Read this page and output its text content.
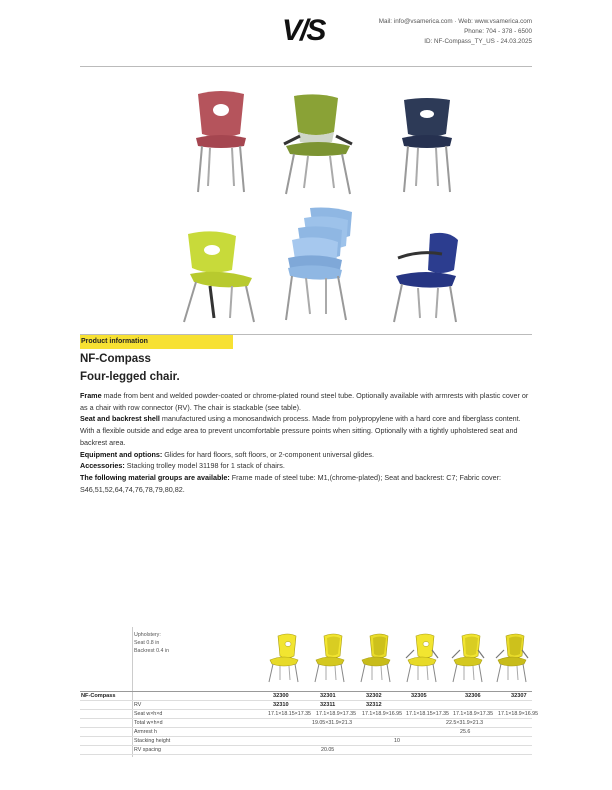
V/S	Mail: info@vsamerica.com · Web: www.vsamerica.com
Phone: 704 - 378 - 6500
ID: NF-Compass_TY_US - 24.03.2025
Product information
NF-Compass
Four-legged chair.

Frame made from bent and welded powder-coated or chrome-plated round steel tube. Optionally available with armrests with plastic cover or as a chair with row connector (RV). The chair is stackable (see table).

Seat and backrest shell manufactured using a monosandwich process. Made from polypropylene with a hard core and fiberglass content. With a flexible outside and edge area to prevent uncomfortable pressure points when sitting. Optionally with a tightly upholstered seat and backrest area.

Equipment and options: Glides for hard floors, soft floors, or 2-component universal glides.

Accessories: Stacking trolley model 31198 for 1 stack of chairs.

The following material groups are available: Frame made of steel tube: M1,(chrome-plated); Seat and backrest: C7; Fabric cover: S46,51,52,64,74,76,78,79,80,82.

Upholstery:
Seat 0.8 in
Backrest 0.4 in
NF-Compass	32300	32301	32302	32305	32306	32307
RV	32310	32311	32312
Seat w×h×d	17.1×18.15×17.35 17.1×18.9×17.35 17.1×18.9×16.95 17.1×18.15×17.35 17.1×18.9×17.35 17.1×18.9×16.95
Total w×h×d	19.05×31.9×21.3	22.5×31.9×21.3
Armrest h	25.6
Stacking height	10
RV spacing	20.05
